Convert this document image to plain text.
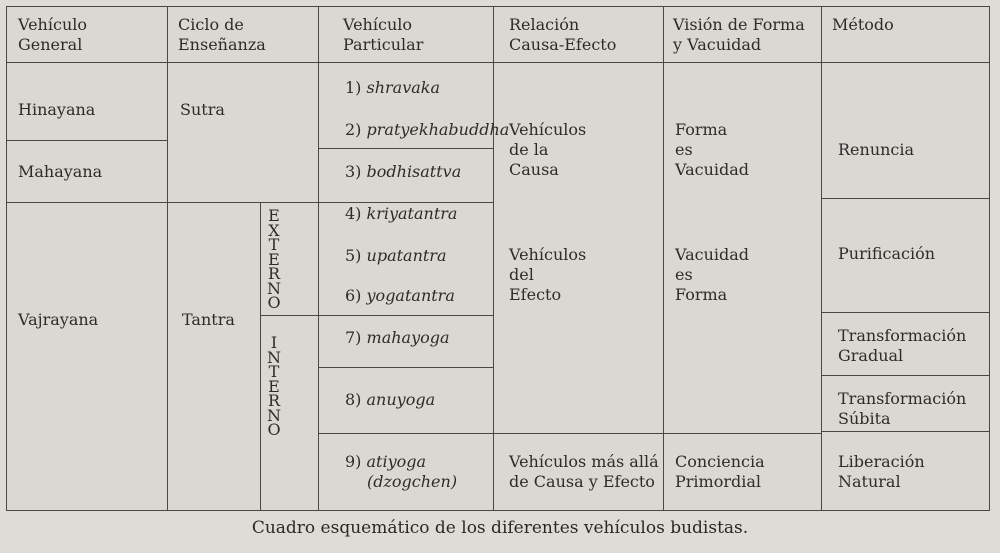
Vehículo
General
Ciclo de
Enseñanza
Vehículo
Particular
Relación
Causa-Efecto
Visión de Forma
y Vacuidad
Método
Hinayana
Mahayana
Vajrayana
Sutra
Tantra
E
X
T
E
R
N
O
I
N
T
E
R
N
O
1) shravaka
2) pratyekhabuddha
3) bodhisattva
4) kriyatantra
5) upatantra
6) yogatantra
7) mahayoga
8) anuyoga
9) atiyoga
(dzogchen)
Vehículos
de la
Causa
Vehículos
del
Efecto
Vehículos más allá
de Causa y Efecto
Forma
es
Vacuidad
Vacuidad
es
Forma
Conciencia
Primordial
Renuncia
Purificación
Transformación
Gradual
Transformación
Súbita
Liberación
Natural
Cuadro esquemático de los diferentes vehículos budistas.
